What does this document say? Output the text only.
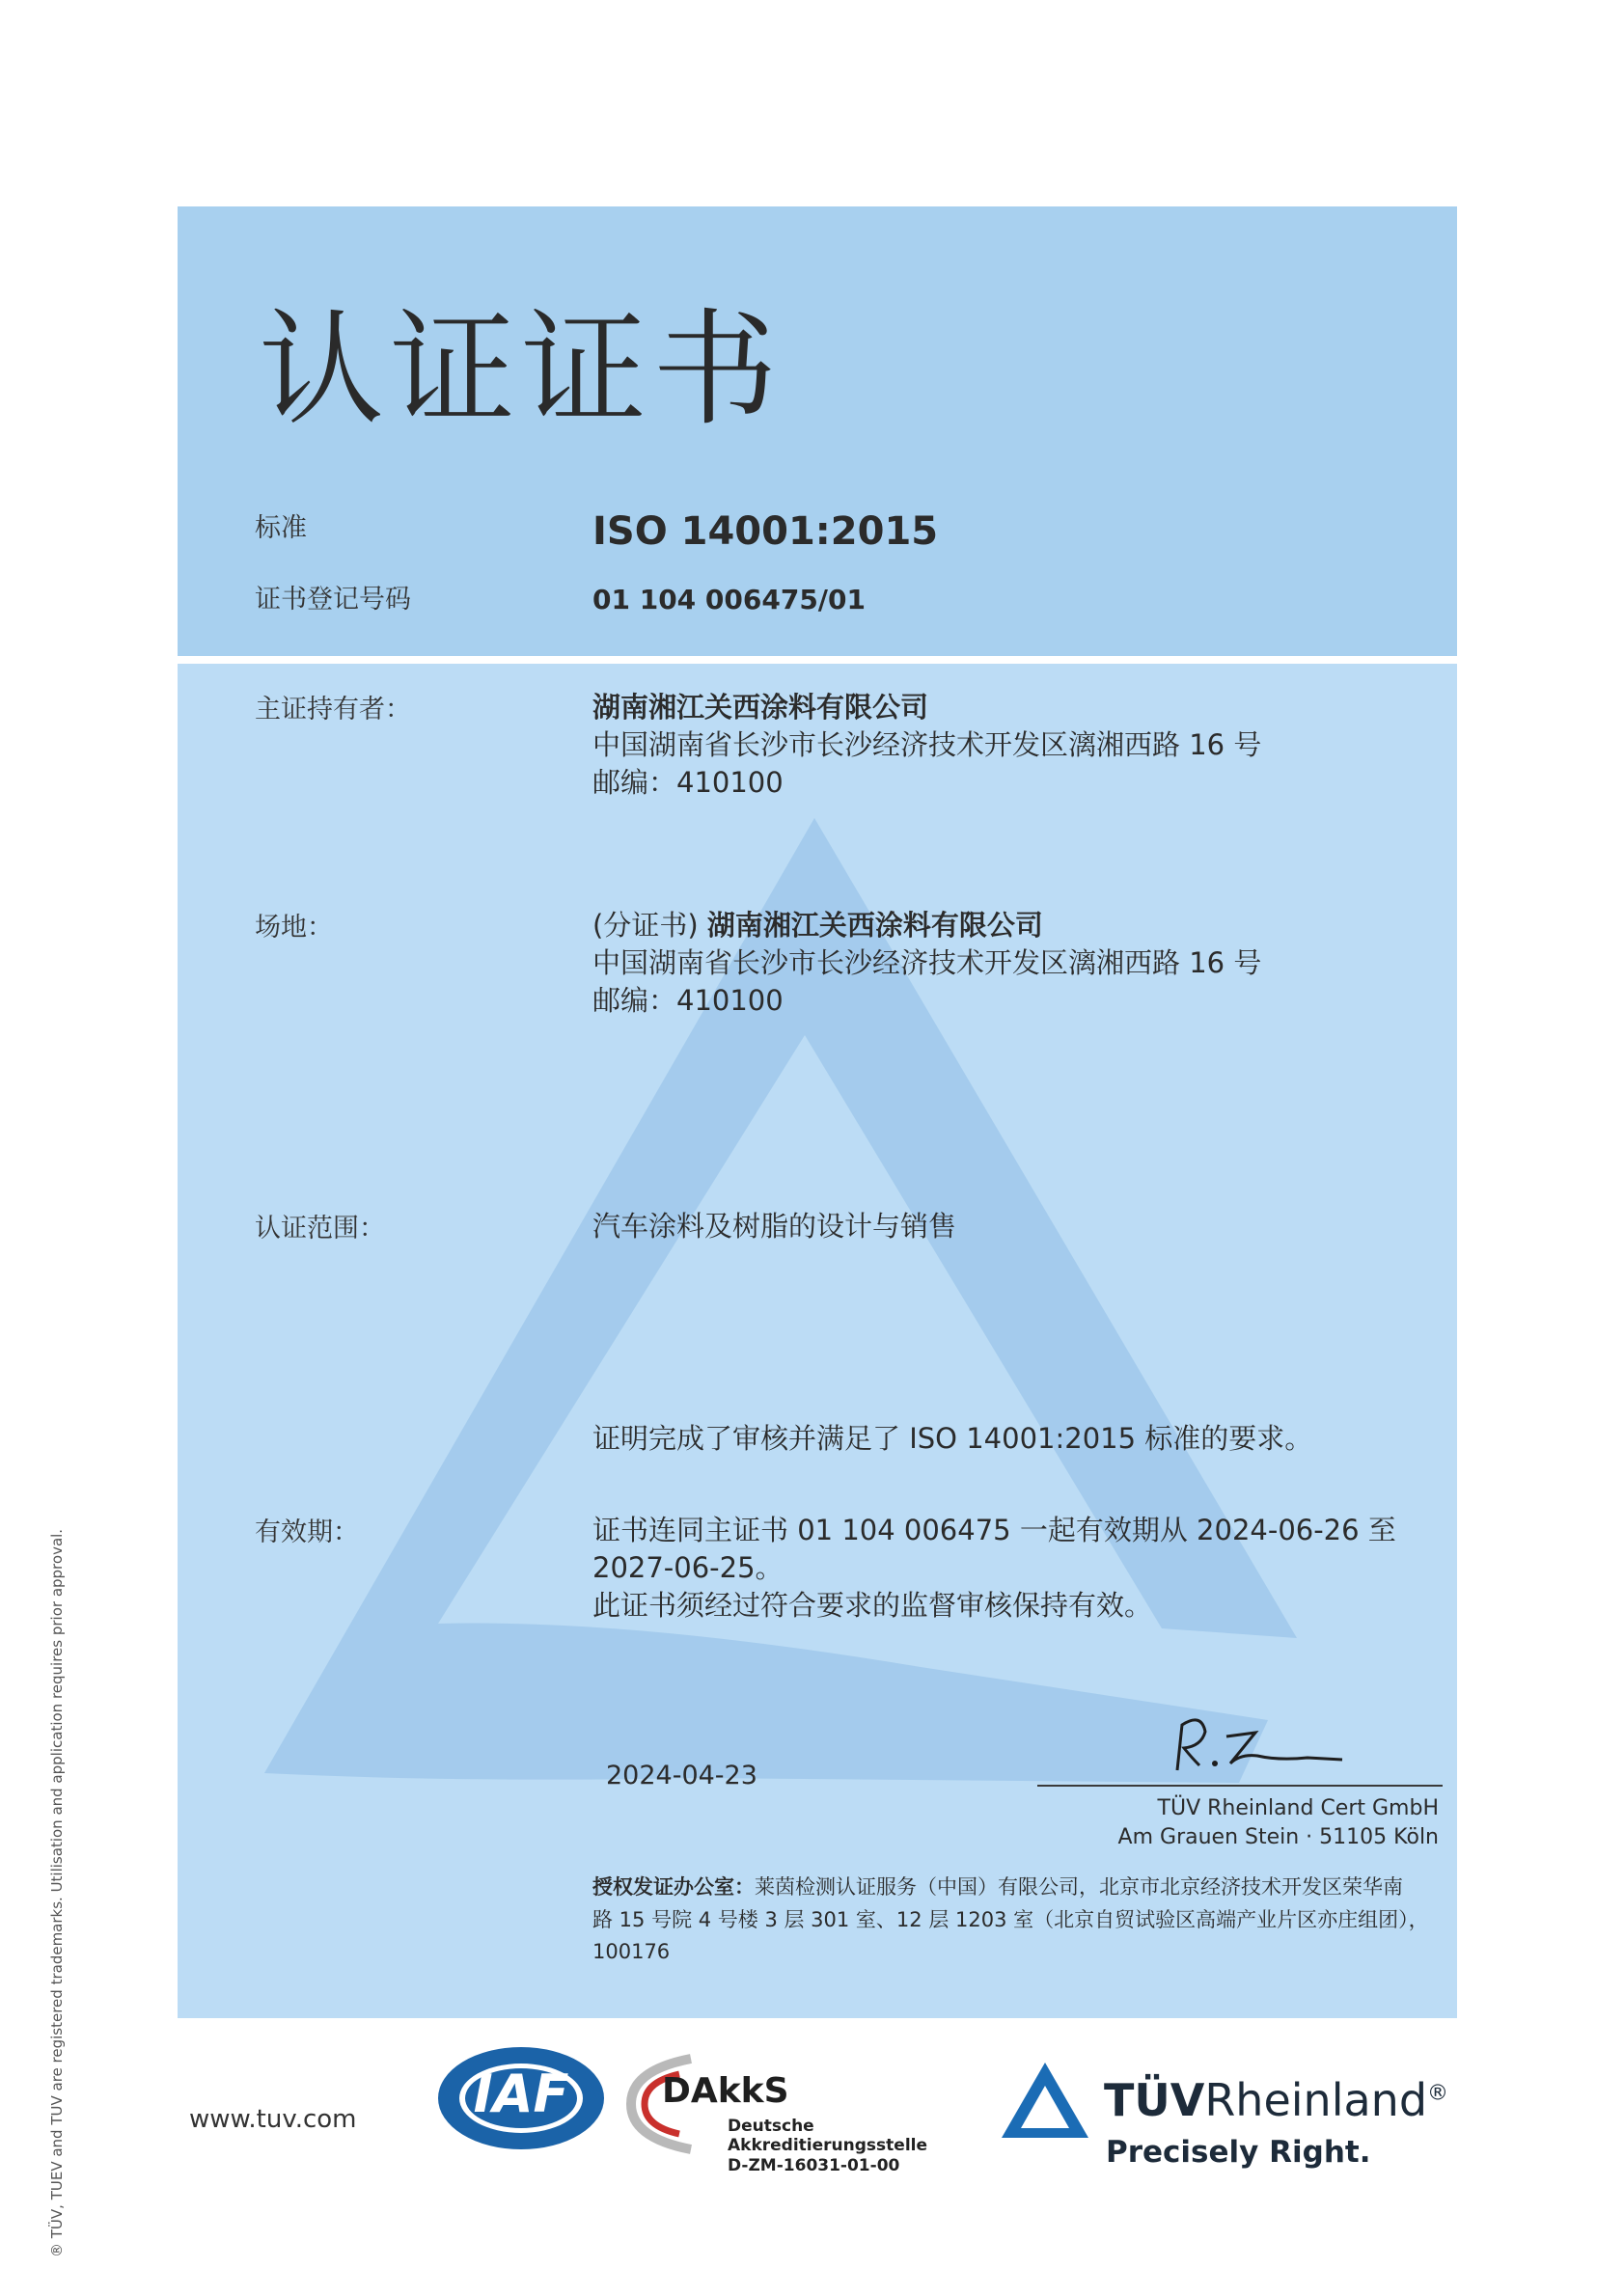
认证证书
标准	ISO 14001:2015
证书登记号码	01 104 006475/01
主证持有者：	湖南湘江关西涂料有限公司
中国湖南省长沙市长沙经济技术开发区漓湘西路 16 号
邮编：410100
场地：	(分证书) 湖南湘江关西涂料有限公司
中国湖南省长沙市长沙经济技术开发区漓湘西路 16 号
邮编：410100
认证范围：	汽车涂料及树脂的设计与销售
证明完成了审核并满足了 ISO 14001:2015 标准的要求。
有效期：	证书连同主证书 01 104 006475 一起有效期从 2024-06-26 至
2027-06-25。
此证书须经过符合要求的监督审核保持有效。
2024-04-23
TÜV Rheinland Cert GmbH
Am Grauen Stein · 51105 Köln
授权发证办公室：莱茵检测认证服务（中国）有限公司，北京市北京经济技术开发区荣华南
路 15 号院 4 号楼 3 层 301 室、12 层 1203 室（北京自贸试验区高端产业片区亦庄组团），
100176
® TÜV, TUEV and TUV are registered trademarks. Utilisation and application requires prior approval.	www.tuv.com	IAF	DAkkS
Deutsche
Akkreditierungsstelle
D-ZM-16031-01-00
TÜVRheinland®
Precisely Right.
